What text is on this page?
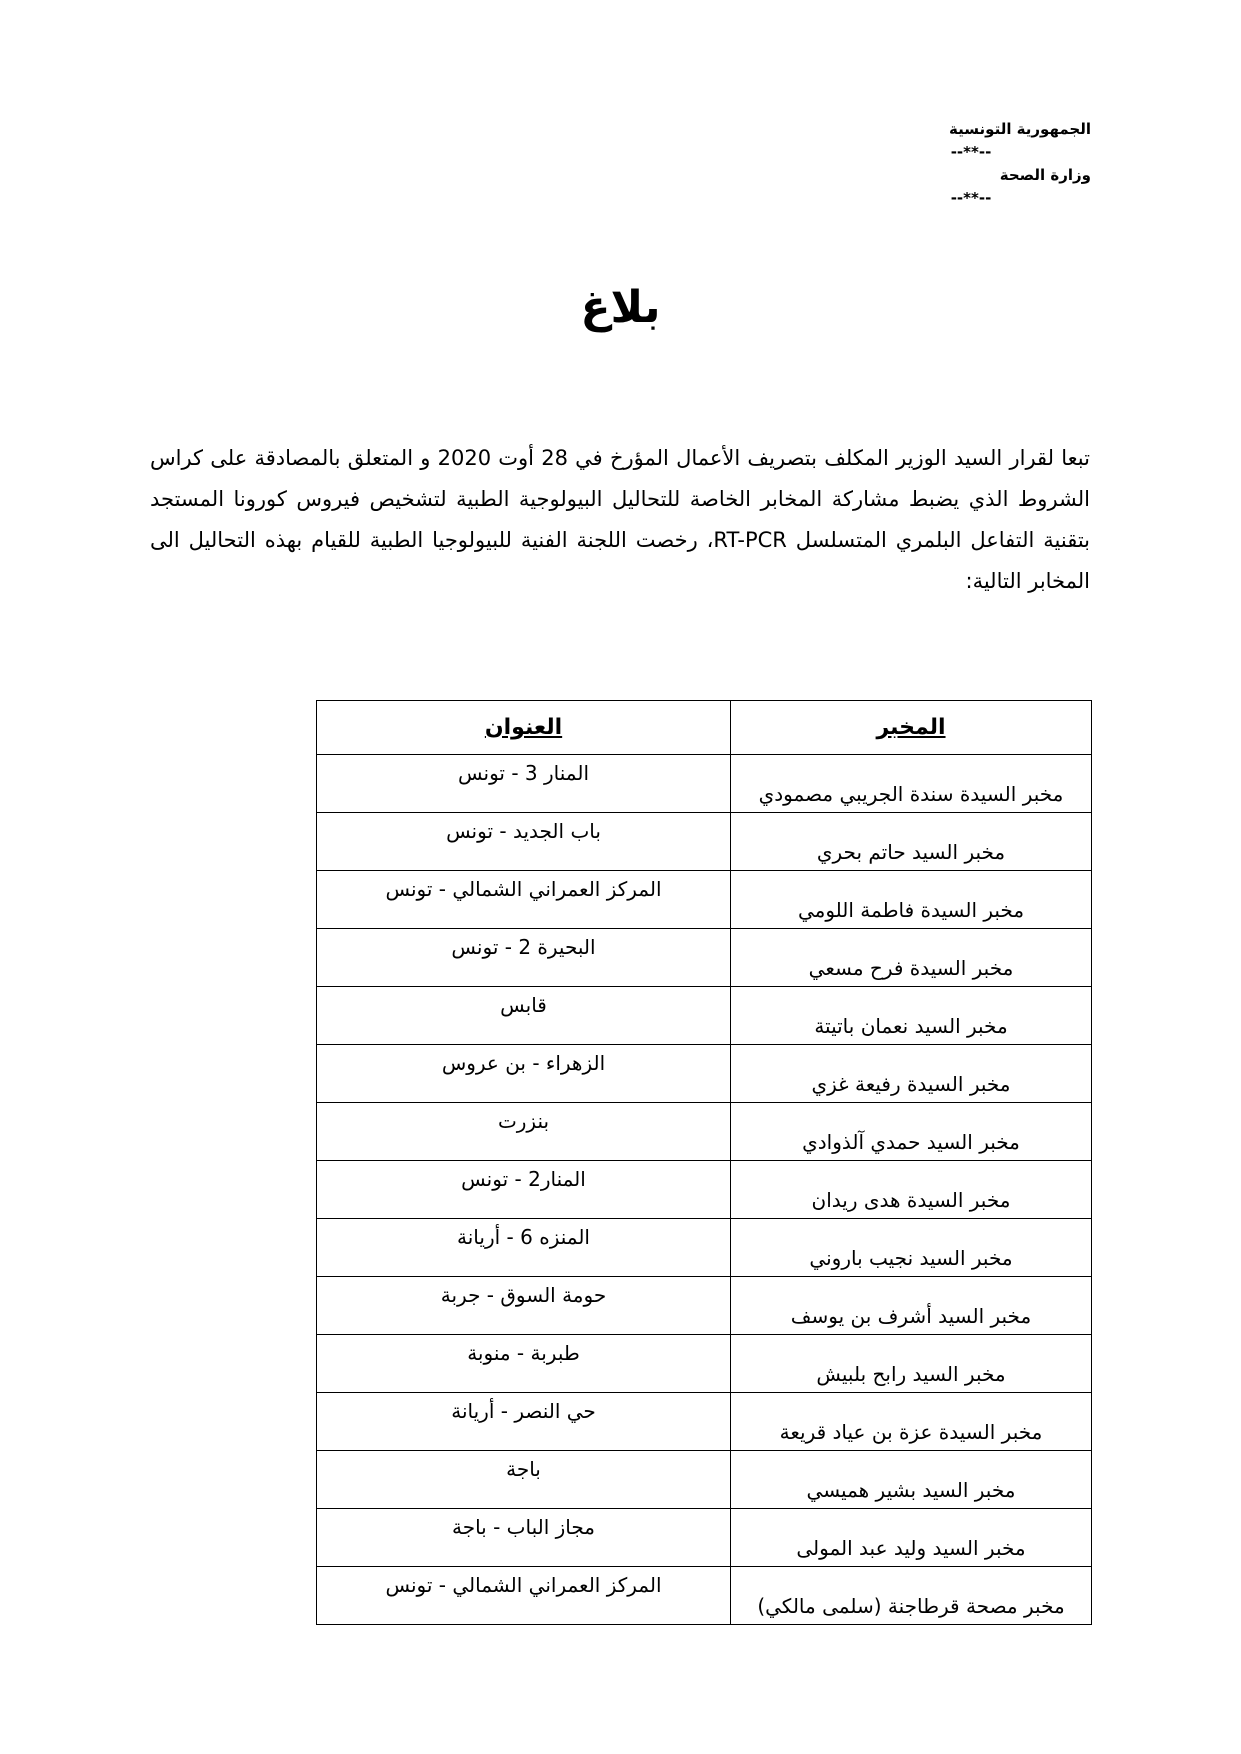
الجمهورية التونسية
--**--
وزارة الصحة
--**--
بلاغ
تبعا لقرار السيد الوزير المكلف بتصريف الأعمال المؤرخ في 28 أوت 2020 و المتعلق بالمصادقة على كراس الشروط الذي يضبط مشاركة المخابر الخاصة للتحاليل البيولوجية الطبية لتشخيص فيروس كورونا المستجد بتقنية التفاعل البلمري المتسلسل RT-PCR، رخصت اللجنة الفنية للبيولوجيا الطبية للقيام بهذه التحاليل الى المخابر التالية:
المخبر	العنوان
مخبر السيدة سندة الجريبي مصمودي	المنار 3 - تونس
مخبر السيد حاتم بحري	باب الجديد - تونس
مخبر السيدة فاطمة اللومي	المركز العمراني الشمالي - تونس
مخبر السيدة فرح مسعي	البحيرة 2 - تونس
مخبر السيد نعمان باتيتة	قابس
مخبر السيدة رفيعة غزي	الزهراء - بن عروس
مخبر السيد حمدي آلذوادي	بنزرت
مخبر السيدة هدى ريدان	المنار2 - تونس
مخبر السيد نجيب باروني	المنزه 6 - أريانة
مخبر السيد أشرف بن يوسف	حومة السوق - جربة
مخبر السيد رابح بلبيش	طبربة - منوبة
مخبر السيدة عزة بن عياد قريعة	حي النصر - أريانة
مخبر السيد بشير هميسي	باجة
مخبر السيد وليد عبد المولى	مجاز الباب - باجة
مخبر مصحة قرطاجنة (سلمى مالكي)	المركز العمراني الشمالي - تونس
